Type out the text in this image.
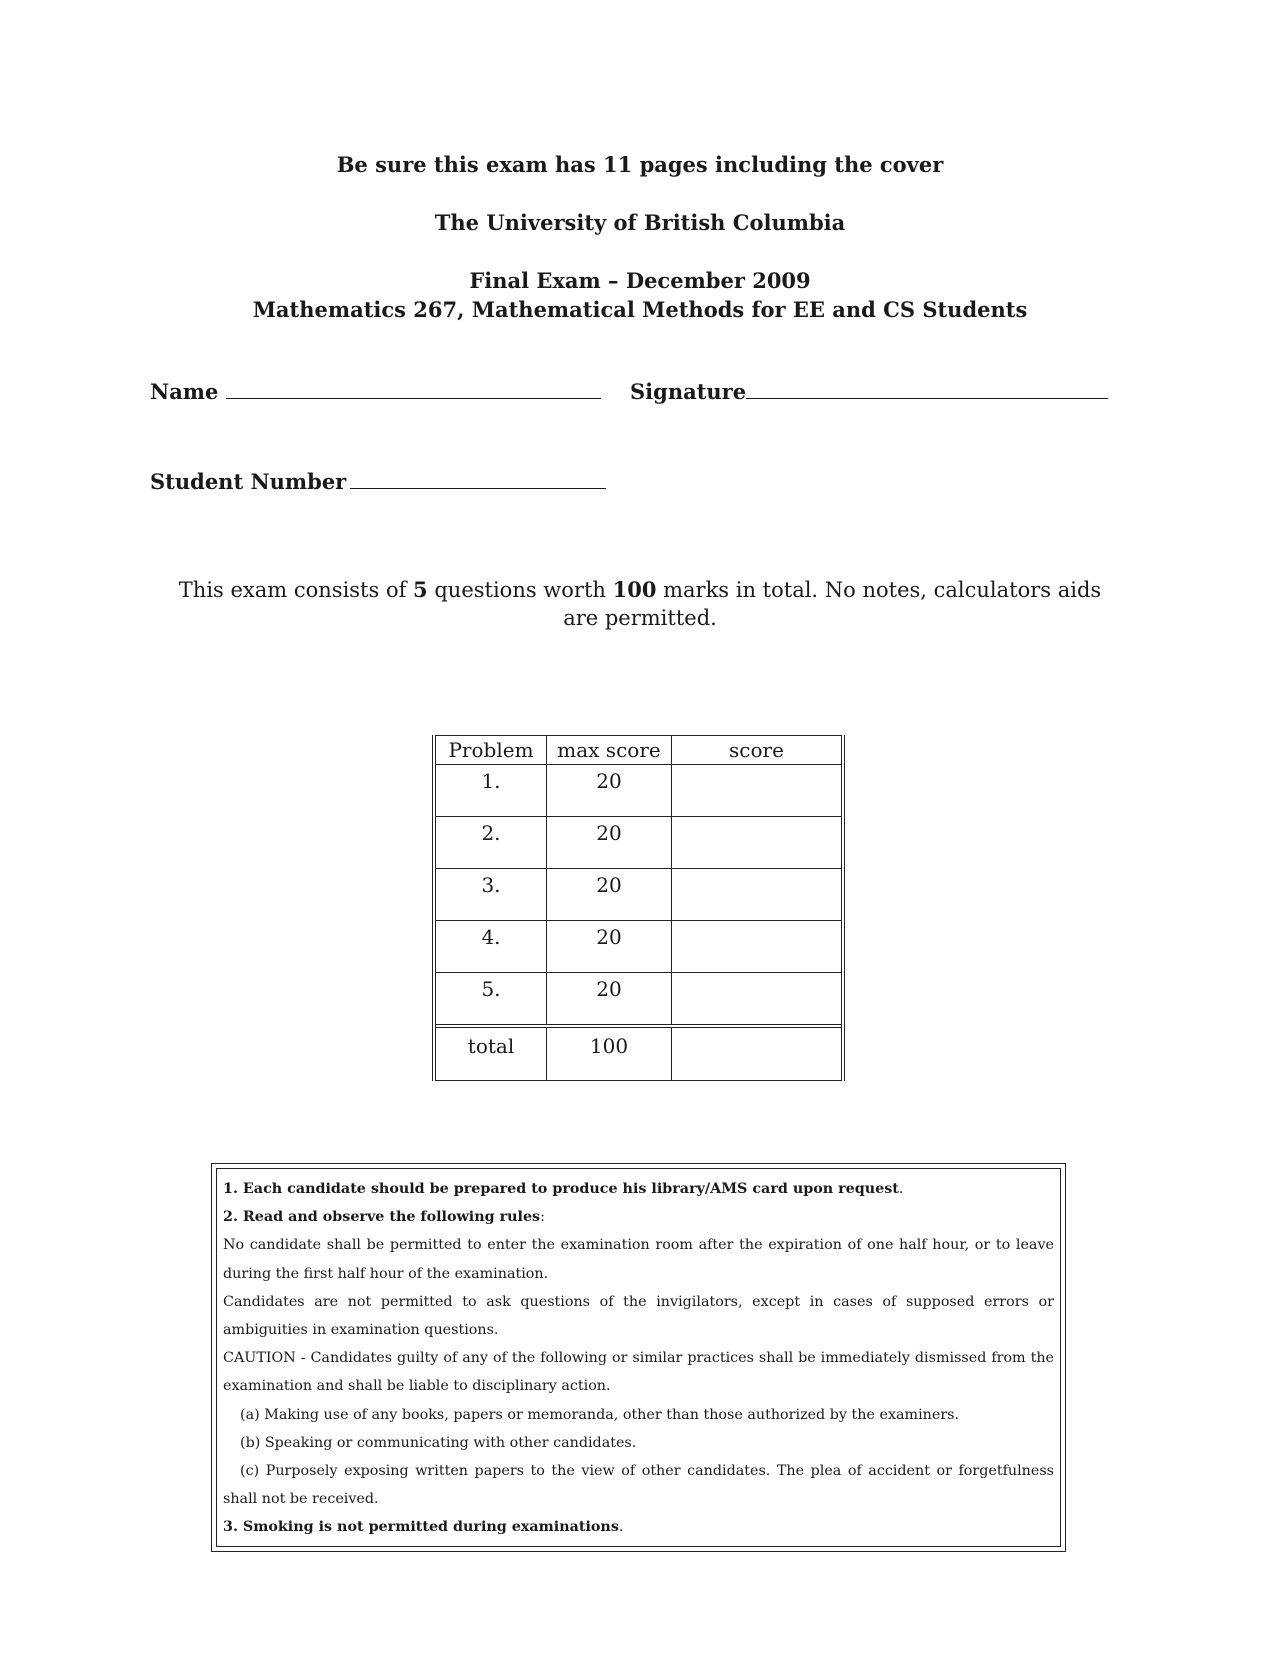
Be sure this exam has 11 pages including the cover
The University of British Columbia
Final Exam – December 2009
Mathematics 267, Mathematical Methods for EE and CS Students
Name	Signature
Student Number
This exam consists of 5 questions worth 100 marks in total. No notes, calculators aids are permitted.
Problem	max score	score
1.	20	
2.	20	
3.	20	
4.	20	
5.	20	
total	100	

1. Each candidate should be prepared to produce his library/AMS card upon request.

2. Read and observe the following rules:

No candidate shall be permitted to enter the examination room after the expiration of one half hour, or to leave during the first half hour of the examination.

Candidates are not permitted to ask questions of the invigilators, except in cases of supposed errors or ambiguities in examination questions.

CAUTION - Candidates guilty of any of the following or similar practices shall be immediately dismissed from the examination and shall be liable to disciplinary action.

(a) Making use of any books, papers or memoranda, other than those authorized by the examiners.

(b) Speaking or communicating with other candidates.

(c) Purposely exposing written papers to the view of other candidates. The plea of accident or forgetfulness shall not be received.

3. Smoking is not permitted during examinations.
